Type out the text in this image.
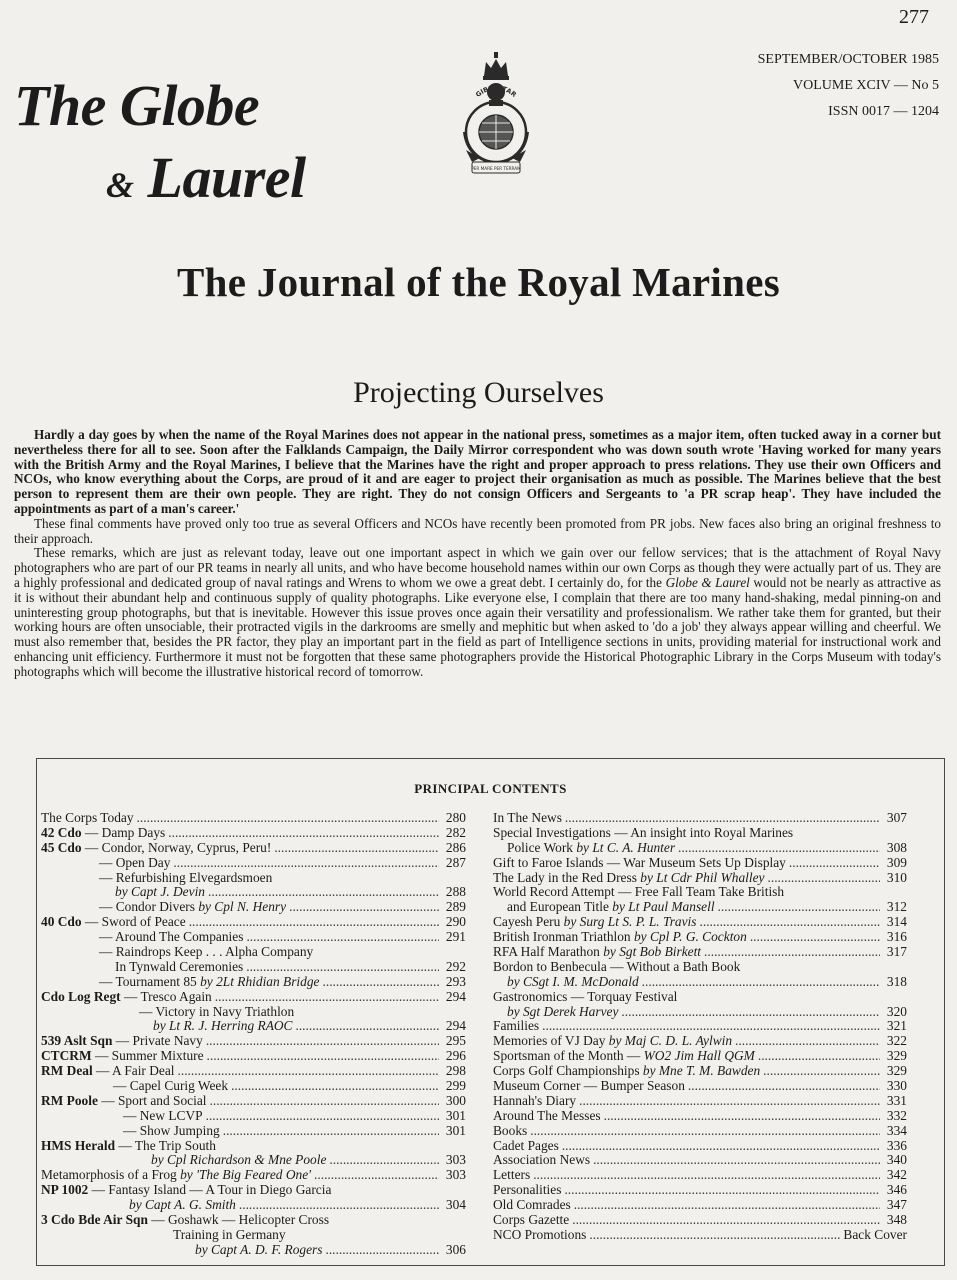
277
SEPTEMBER/OCTOBER 1985
VOLUME XCIV — No 5
ISSN 0017 — 1204
The Globe
& Laurel
GIBRALTAR
PER MARE PER TERRAM
The Journal of the Royal Marines
Projecting Ourselves

Hardly a day goes by when the name of the Royal Marines does not appear in the national press, sometimes as a major item, often tucked away in a corner but nevertheless there for all to see. Soon after the Falklands Campaign, the Daily Mirror correspondent who was down south wrote 'Having worked for many years with the British Army and the Royal Marines, I believe that the Marines have the right and proper approach to press relations. They use their own Officers and NCOs, who know everything about the Corps, are proud of it and are eager to project their organisation as much as possible. The Marines believe that the best person to represent them are their own people. They are right. They do not consign Officers and Sergeants to 'a PR scrap heap'. They have included the appointments as part of a man's career.'

These final comments have proved only too true as several Officers and NCOs have recently been promoted from PR jobs. New faces also bring an original freshness to their approach.

These remarks, which are just as relevant today, leave out one important aspect in which we gain over our fellow services; that is the attachment of Royal Navy photographers who are part of our PR teams in nearly all units, and who have become household names within our own Corps as though they were actually part of us. They are a highly professional and dedicated group of naval ratings and Wrens to whom we owe a great debt. I certainly do, for the Globe & Laurel would not be nearly as attractive as it is without their abundant help and continuous supply of quality photographs. Like everyone else, I complain that there are too many hand-shaking, medal pinning-on and uninteresting group photographs, but that is inevitable. However this issue proves once again their versatility and professionalism. We rather take them for granted, but their working hours are often unsociable, their protracted vigils in the darkrooms are smelly and mephitic but when asked to 'do a job' they always appear willing and cheerful. We must also remember that, besides the PR factor, they play an important part in the field as part of Intelligence sections in units, providing material for instructional work and enhancing unit efficiency. Furthermore it must not be forgotten that these same photographers provide the Historical Photographic Library in the Corps Museum with today's photographs which will become the illustrative historical record of tomorrow.

PRINCIPAL CONTENTS
The Corps Today .....	280
42 Cdo — Damp Days .....	282
45 Cdo — Condor, Norway, Cyprus, Peru! .....	286
— Open Day .....	287
— Refurbishing Elvegardsmoen
by Capt J. Devin .....	288
— Condor Divers by Cpl N. Henry .....	289
40 Cdo — Sword of Peace .....	290
— Around The Companies .....	291
— Raindrops Keep . . . Alpha Company
In Tynwald Ceremonies .....	292
— Tournament 85 by 2Lt Rhidian Bridge .....	293
Cdo Log Regt — Tresco Again .....	294
— Victory in Navy Triathlon
by Lt R. J. Herring RAOC .....	294
539 Aslt Sqn — Private Navy .....	295
CTCRM — Summer Mixture .....	296
RM Deal — A Fair Deal .....	298
— Capel Curig Week .....	299
RM Poole — Sport and Social .....	300
— New LCVP .....	301
— Show Jumping .....	301
HMS Herald — The Trip South
by Cpl Richardson & Mne Poole .....	303
Metamorphosis of a Frog by 'The Big Feared One' .....	303
NP 1002 — Fantasy Island — A Tour in Diego Garcia
by Capt A. G. Smith .....	304
3 Cdo Bde Air Sqn — Goshawk — Helicopter Cross
Training in Germany
by Capt A. D. F. Rogers .....	306
In The News .....	307
Special Investigations — An insight into Royal Marines
Police Work by Lt C. A. Hunter .....	308
Gift to Faroe Islands — War Museum Sets Up Display .....	309
The Lady in the Red Dress by Lt Cdr Phil Whalley .....	310
World Record Attempt — Free Fall Team Take British
and European Title by Lt Paul Mansell .....	312
Cayesh Peru by Surg Lt S. P. L. Travis .....	314
British Ironman Triathlon by Cpl P. G. Cockton .....	316
RFA Half Marathon by Sgt Bob Birkett .....	317
Bordon to Benbecula — Without a Bath Book
by CSgt I. M. McDonald .....	318
Gastronomics — Torquay Festival
by Sgt Derek Harvey .....	320
Families .....	321
Memories of VJ Day by Maj C. D. L. Aylwin .....	322
Sportsman of the Month — WO2 Jim Hall QGM .....	329
Corps Golf Championships by Mne T. M. Bawden .....	329
Museum Corner — Bumper Season .....	330
Hannah's Diary .....	331
Around The Messes .....	332
Books .....	334
Cadet Pages .....	336
Association News .....	340
Letters .....	342
Personalities .....	346
Old Comrades .....	347
Corps Gazette .....	348
NCO Promotions .....	Back Cover
